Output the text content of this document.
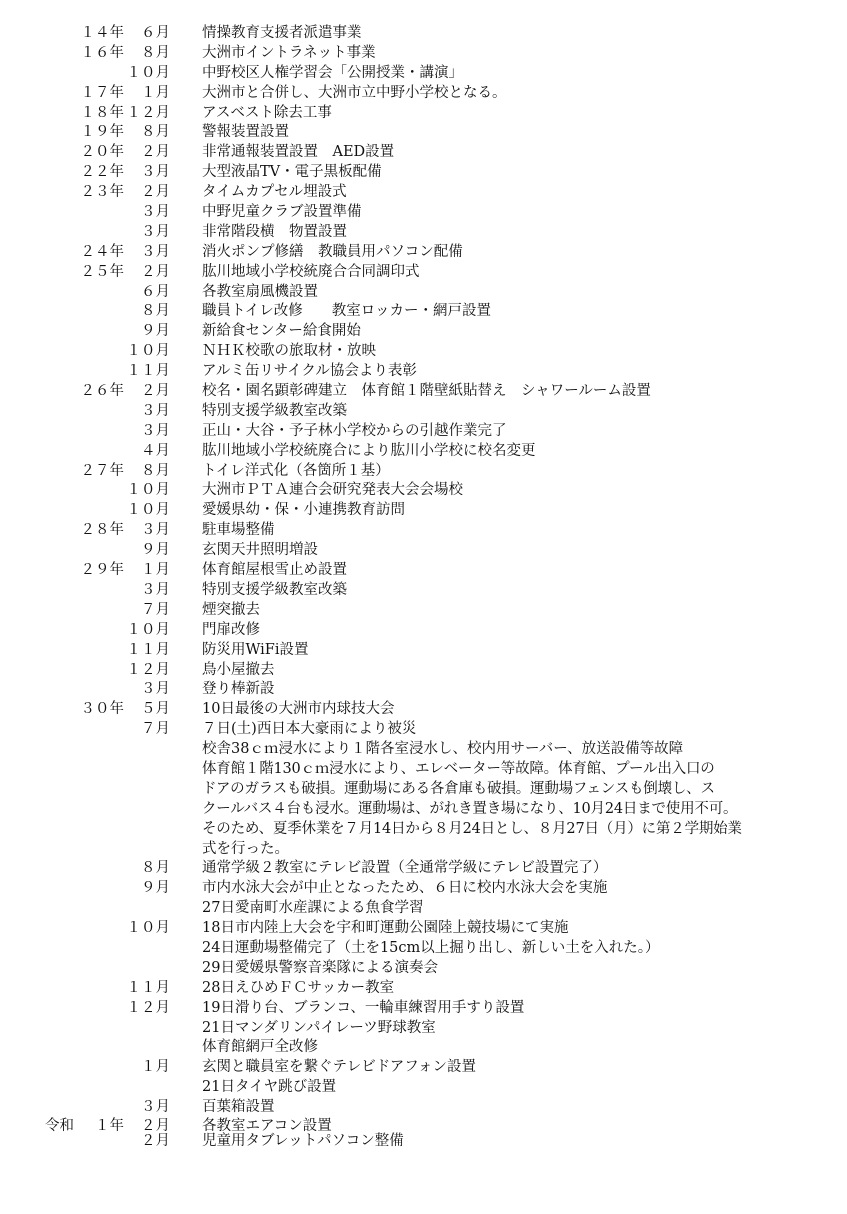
１４年	６月 情操教育支援者派遣事業
１６年	８月 大洲市イントラネット事業
１０月 中野校区人権学習会「公開授業・講演」
１７年	１月 大洲市と合併し、大洲市立中野小学校となる。
１８年 １２月 アスベスト除去工事
１９年	８月 警報装置設置
２０年	２月 非常通報装置設置　AED設置
２２年	３月 大型液晶TV・電子黒板配備
２３年	２月 タイムカプセル埋設式
３月 中野児童クラブ設置準備
３月 非常階段横　物置設置
２４年	３月 消火ポンプ修繕　教職員用パソコン配備
２５年	２月 肱川地域小学校統廃合合同調印式
６月 各教室扇風機設置
８月 職員トイレ改修　　教室ロッカー・網戸設置
９月 新給食センター給食開始
１０月 ＮＨＫ校歌の旅取材・放映
１１月 アルミ缶リサイクル協会より表彰
２６年	２月 校名・園名顕彰碑建立　体育館１階壁紙貼替え　シャワールーム設置
３月 特別支援学級教室改築
３月 正山・大谷・予子林小学校からの引越作業完了
４月 肱川地域小学校統廃合により肱川小学校に校名変更
２７年	８月 トイレ洋式化（各箇所１基）
１０月 大洲市ＰＴＡ連合会研究発表大会会場校
１０月 愛媛県幼・保・小連携教育訪問
２８年	３月 駐車場整備
９月 玄関天井照明増設
２９年	１月 体育館屋根雪止め設置
３月 特別支援学級教室改築
７月 煙突撤去
１０月 門扉改修
１１月 防災用WiFi設置
１２月 鳥小屋撤去
３月 登り棒新設
３０年	５月 10日最後の大洲市内球技大会
７月 ７日(土)西日本大豪雨により被災
校舎38ｃｍ浸水により１階各室浸水し、校内用サーバー、放送設備等故障
体育館１階130ｃｍ浸水により、エレベーター等故障。体育館、プール出入口の
ドアのガラスも破損。運動場にある各倉庫も破損。運動場フェンスも倒壊し、ス
クールバス４台も浸水。運動場は、がれき置き場になり、10月24日まで使用不可。
そのため、夏季休業を７月14日から８月24日とし、８月27日（月）に第２学期始業
式を行った。
８月 通常学級２教室にテレビ設置（全通常学級にテレビ設置完了）
９月 市内水泳大会が中止となったため、６日に校内水泳大会を実施
27日愛南町水産課による魚食学習
１０月 18日市内陸上大会を宇和町運動公園陸上競技場にて実施
24日運動場整備完了（土を15cm以上掘り出し、新しい土を入れた。）
29日愛媛県警察音楽隊による演奏会
１１月 28日えひめＦＣサッカー教室
１２月 19日滑り台、ブランコ、一輪車練習用手すり設置
21日マンダリンパイレーツ野球教室
体育館網戸全改修
１月 玄関と職員室を繋ぐテレビドアフォン設置
21日タイヤ跳び設置
３月 百葉箱設置
令和	１年	２月 各教室エアコン設置
２月 児童用タブレットパソコン整備
